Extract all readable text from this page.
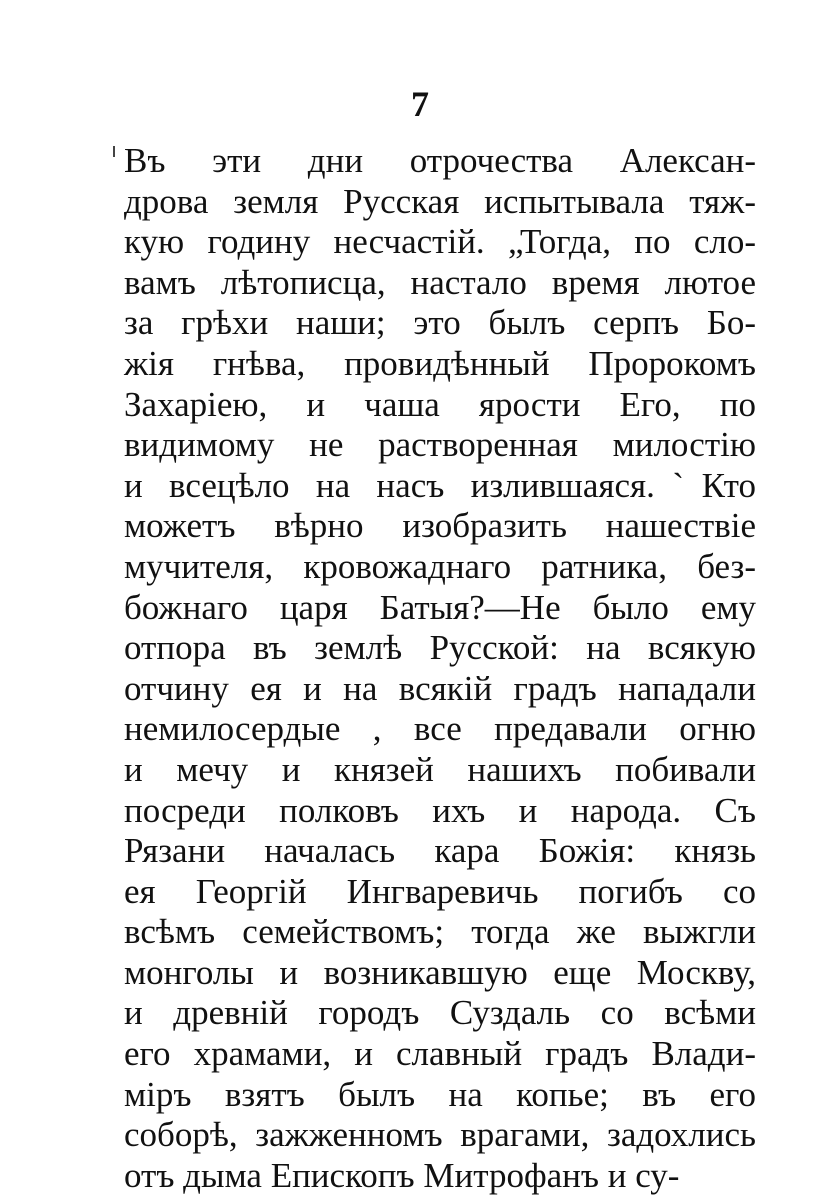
7
Въ эти дни отрочества Алексан-
дрова земля Русская испытывала тяж-
кую годину несчастій. „Тогда, по сло-
вамъ лѣтописца, настало время лютое
за грѣхи наши; это былъ серпъ Бо-
жія гнѣва, провидѣнный Пророкомъ
Захаріею, и чаша ярости Его, по
видимому не растворенная милостію
и всецѣло на насъ излившаяся.ˋКто
можетъ вѣрно изобразить нашествіе
мучителя, кровожаднаго ратника, без-
божнаго царя Батыя?—Не было ему
отпора въ землѣ Русской: на всякую
отчину ея и на всякій градъ нападали
немилосердые , все предавали огню
и мечу и князей нашихъ побивали
посреди полковъ ихъ и народа. Съ
Рязани началась кара Божія: князь
ея Георгій Ингваревичь погибъ со
всѣмъ семействомъ; тогда же выжгли
монголы и возникавшую еще Москву,
и древній городъ Суздаль со всѣми
его храмами, и славный градъ Влади-
міръ взятъ былъ на копье; въ его
соборѣ, зажженномъ врагами, задохлись
отъ дыма Епископъ Митрофанъ и су-
